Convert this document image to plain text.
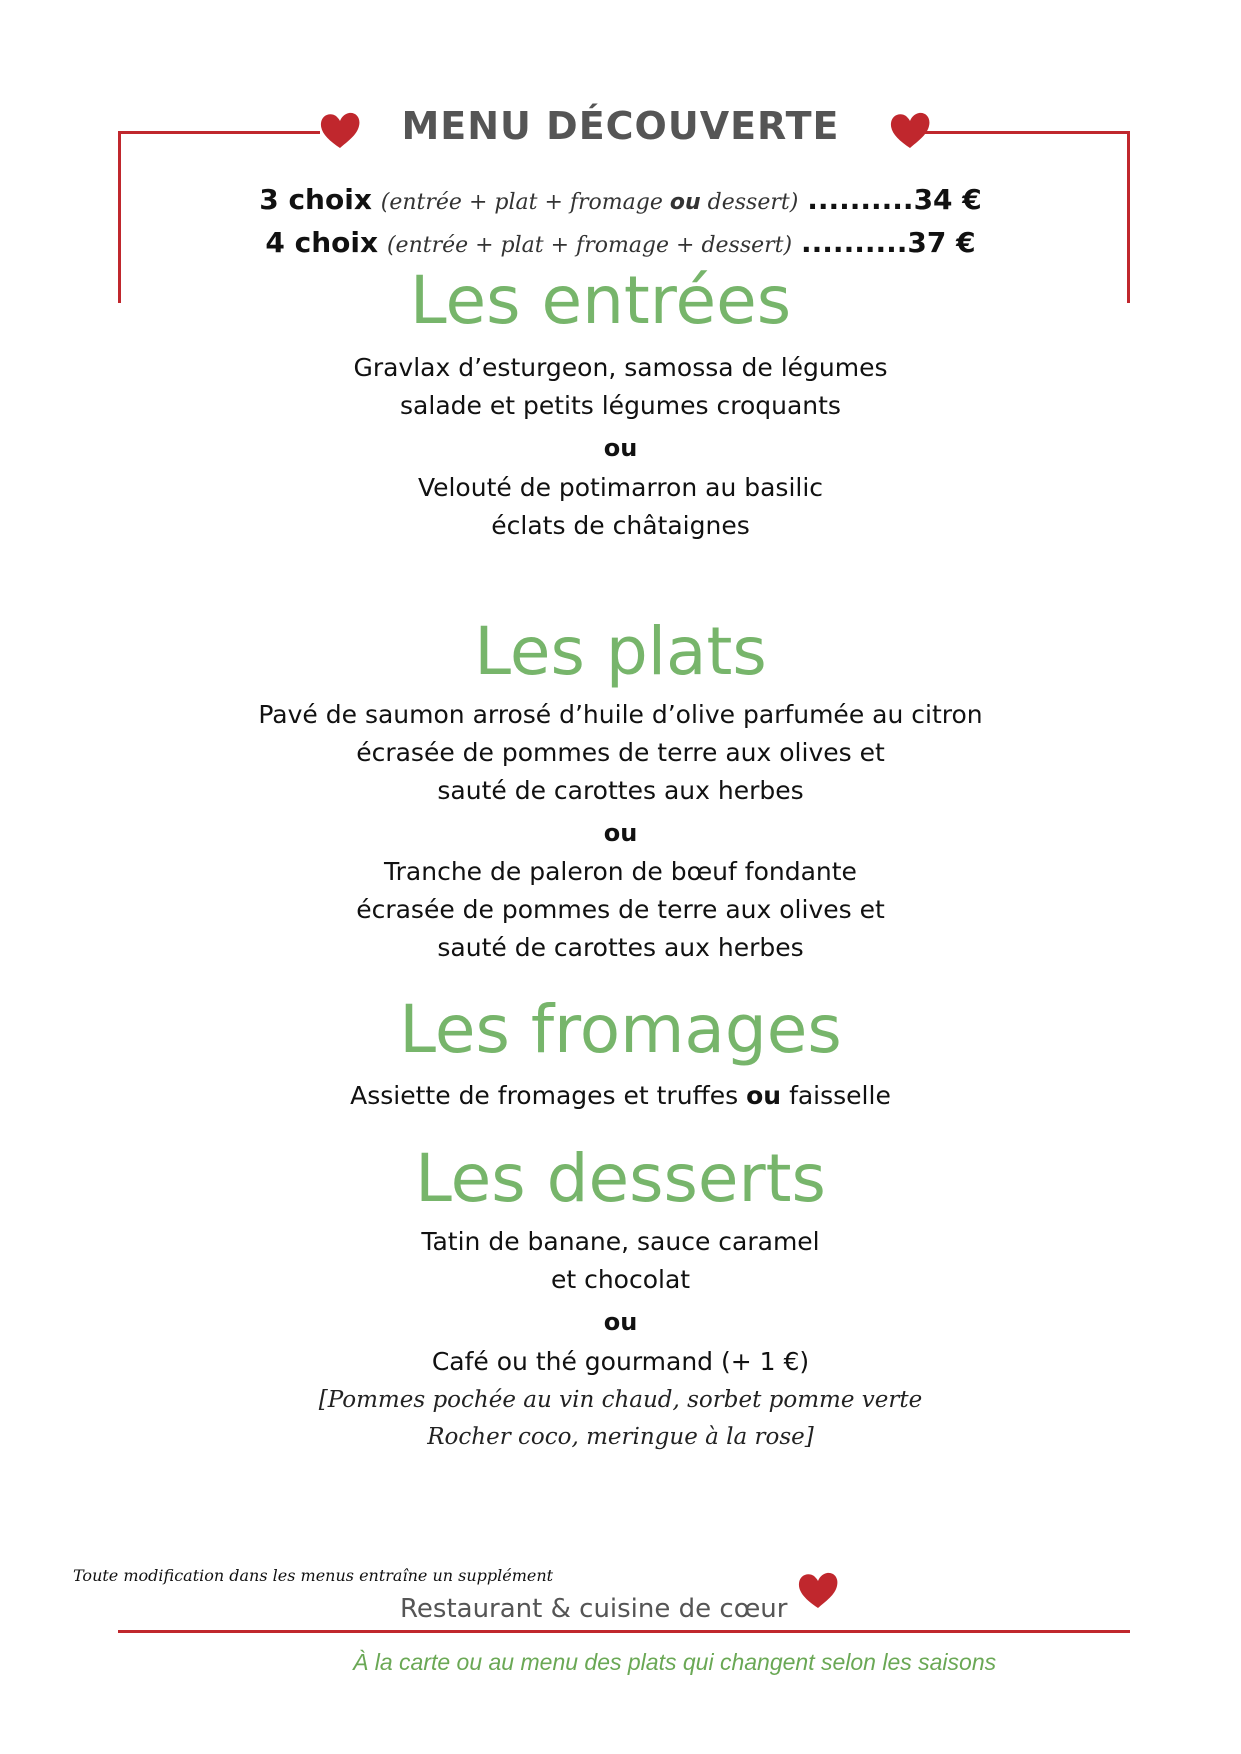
MENU DÉCOUVERTE
3 choix (entrée + plat + fromage ou dessert) ..........34 €
4 choix (entrée + plat + fromage + dessert) ..........37 €
Les entrées
Gravlax d’esturgeon, samossa de légumes
salade et petits légumes croquants
ou
Velouté de potimarron au basilic
éclats de châtaignes
Les plats
Pavé de saumon arrosé d’huile d’olive parfumée au citron
écrasée de pommes de terre aux olives et
sauté de carottes aux herbes
ou
Tranche de paleron de bœuf fondante
écrasée de pommes de terre aux olives et
sauté de carottes aux herbes
Les fromages
Assiette de fromages et truffes ou faisselle
Les desserts
Tatin de banane, sauce caramel
et chocolat
ou
Café ou thé gourmand (+ 1 €)
[Pommes pochée au vin chaud, sorbet pomme verte
Rocher coco, meringue à la rose]
Toute modification dans les menus entraîne un supplément
Restaurant & cuisine de cœur
À la carte ou au menu des plats qui changent selon les saisons
